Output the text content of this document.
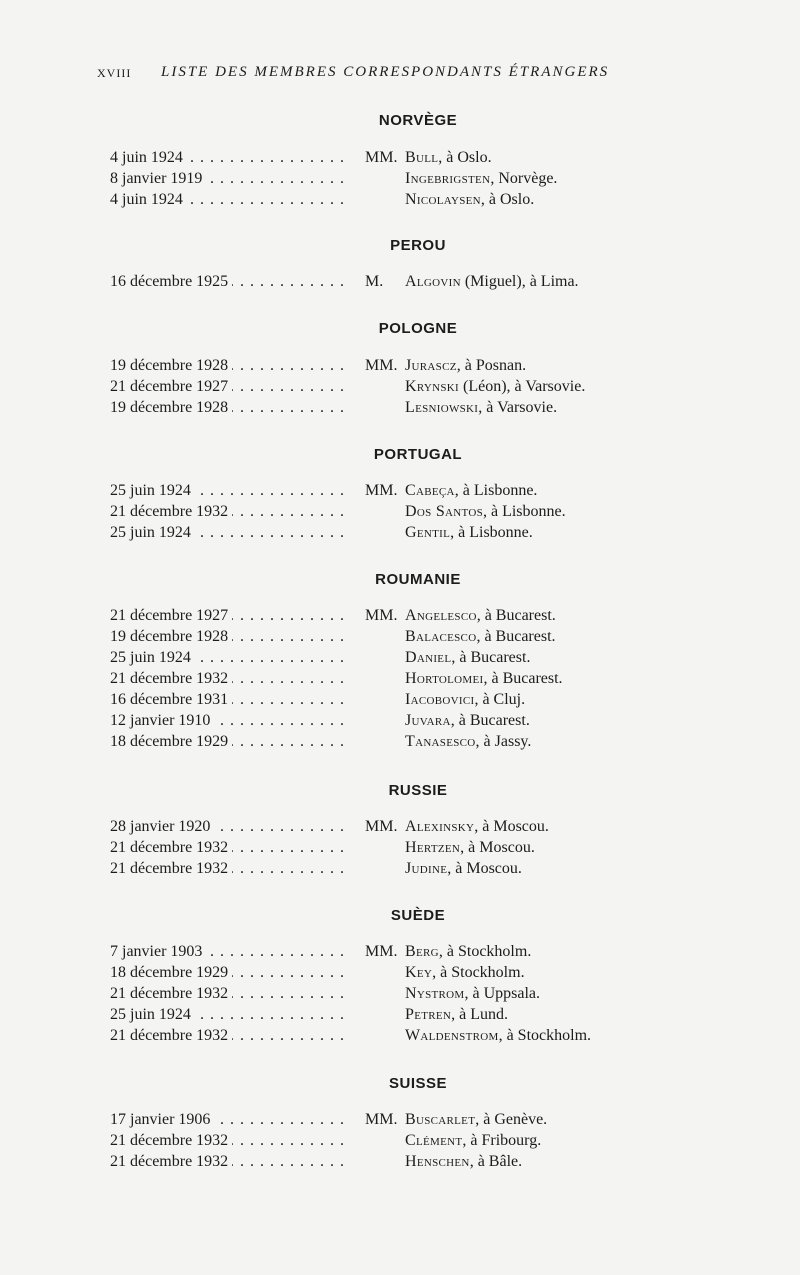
XVIII LISTE DES MEMBRES CORRESPONDANTS ÉTRANGERS
NORVÈGE
4 juin 1924 . . .	MM. Bull, à Oslo.
8 janvier 1919 . . .	Ingebrigsten, Norvège.
4 juin 1924 . . .	Nicolaysen, à Oslo.
PEROU
16 décembre 1925 . . .	M.	Algovin (Miguel), à Lima.
POLOGNE
19 décembre 1928 . . .	MM. Jurascz, à Posnan.
21 décembre 1927 . . .	Krynski (Léon), à Varsovie.
19 décembre 1928 . . .	Lesniowski, à Varsovie.
PORTUGAL
25 juin 1924 . . .	MM. Cabeça, à Lisbonne.
21 décembre 1932 . . .	Dos Santos, à Lisbonne.
25 juin 1924 . . .	Gentil, à Lisbonne.
ROUMANIE
21 décembre 1927 . . .	MM. Angelesco, à Bucarest.
19 décembre 1928 . . .	Balacesco, à Bucarest.
25 juin 1924 . . .	Daniel, à Bucarest.
21 décembre 1932 . . .	Hortolomei, à Bucarest.
16 décembre 1931 . . .	Iacobovici, à Cluj.
12 janvier 1910 . . .	Juvara, à Bucarest.
18 décembre 1929 . . .	Tanasesco, à Jassy.
RUSSIE
28 janvier 1920 . . .	MM. Alexinsky, à Moscou.
21 décembre 1932 . . .	Hertzen, à Moscou.
21 décembre 1932 . . .	Judine, à Moscou.
SUÈDE
7 janvier 1903 . . .	MM. Berg, à Stockholm.
18 décembre 1929 . . .	Key, à Stockholm.
21 décembre 1932 . . .	Nystrom, à Uppsala.
25 juin 1924 . . .	Petren, à Lund.
21 décembre 1932 . . .	Waldenstrom, à Stockholm.
SUISSE
17 janvier 1906 . . .	MM. Buscarlet, à Genève.
21 décembre 1932 . . .	Clément, à Fribourg.
21 décembre 1932 . . .	Henschen, à Bâle.
